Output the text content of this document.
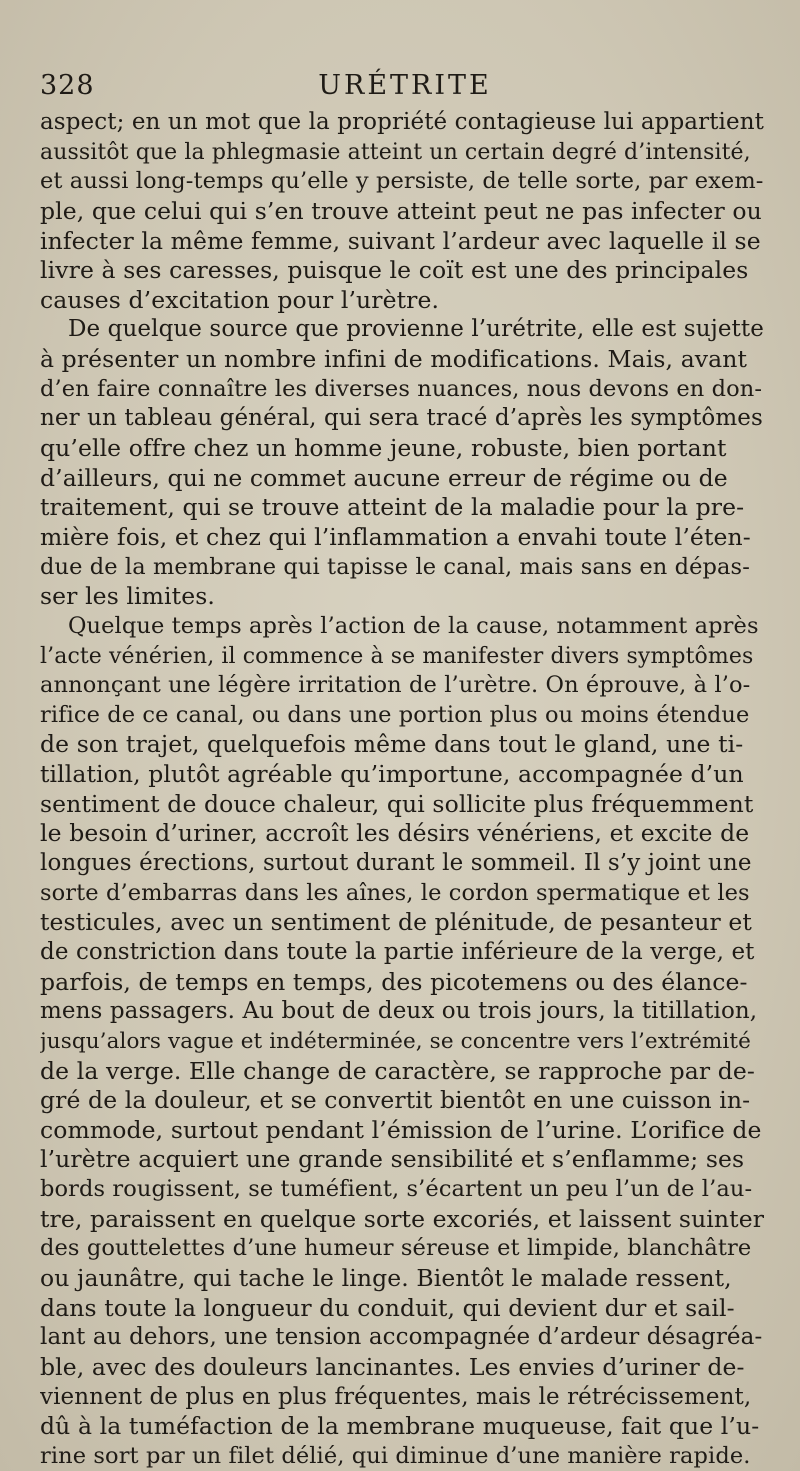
328	URÉTRITE
aspect; en un mot que la propriété contagieuse lui appartient
aussitôt que la phlegmasie atteint un certain degré d’intensité,
et aussi long-temps qu’elle y persiste, de telle sorte, par exem-
ple, que celui qui s’en trouve atteint peut ne pas infecter ou
infecter la même femme, suivant l’ardeur avec laquelle il se
livre à ses caresses, puisque le coït est une des principales
causes d’excitation pour l’urètre.
De quelque source que provienne l’urétrite, elle est sujette
à présenter un nombre infini de modifications. Mais, avant
d’en faire connaître les diverses nuances, nous devons en don-
ner un tableau général, qui sera tracé d’après les symptômes
qu’elle offre chez un homme jeune, robuste, bien portant
d’ailleurs, qui ne commet aucune erreur de régime ou de
traitement, qui se trouve atteint de la maladie pour la pre-
mière fois, et chez qui l’inflammation a envahi toute l’éten-
due de la membrane qui tapisse le canal, mais sans en dépas-
ser les limites.
Quelque temps après l’action de la cause, notamment après
l’acte vénérien, il commence à se manifester divers symptômes
annonçant une légère irritation de l’urètre. On éprouve, à l’o-
rifice de ce canal, ou dans une portion plus ou moins étendue
de son trajet, quelquefois même dans tout le gland, une ti-
tillation, plutôt agréable qu’importune, accompagnée d’un
sentiment de douce chaleur, qui sollicite plus fréquemment
le besoin d’uriner, accroît les désirs vénériens, et excite de
longues érections, surtout durant le sommeil. Il s’y joint une
sorte d’embarras dans les aînes, le cordon spermatique et les
testicules, avec un sentiment de plénitude, de pesanteur et
de constriction dans toute la partie inférieure de la verge, et
parfois, de temps en temps, des picotemens ou des élance-
mens passagers. Au bout de deux ou trois jours, la titillation,
jusqu’alors vague et indéterminée, se concentre vers l’extrémité
de la verge. Elle change de caractère, se rapproche par de-
gré de la douleur, et se convertit bientôt en une cuisson in-
commode, surtout pendant l’émission de l’urine. L’orifice de
l’urètre acquiert une grande sensibilité et s’enflamme; ses
bords rougissent, se tuméfient, s’écartent un peu l’un de l’au-
tre, paraissent en quelque sorte excoriés, et laissent suinter
des gouttelettes d’une humeur séreuse et limpide, blanchâtre
ou jaunâtre, qui tache le linge. Bientôt le malade ressent,
dans toute la longueur du conduit, qui devient dur et sail-
lant au dehors, une tension accompagnée d’ardeur désagréa-
ble, avec des douleurs lancinantes. Les envies d’uriner de-
viennent de plus en plus fréquentes, mais le rétrécissement,
dû à la tuméfaction de la membrane muqueuse, fait que l’u-
rine sort par un filet délié, qui diminue d’une manière rapide.
